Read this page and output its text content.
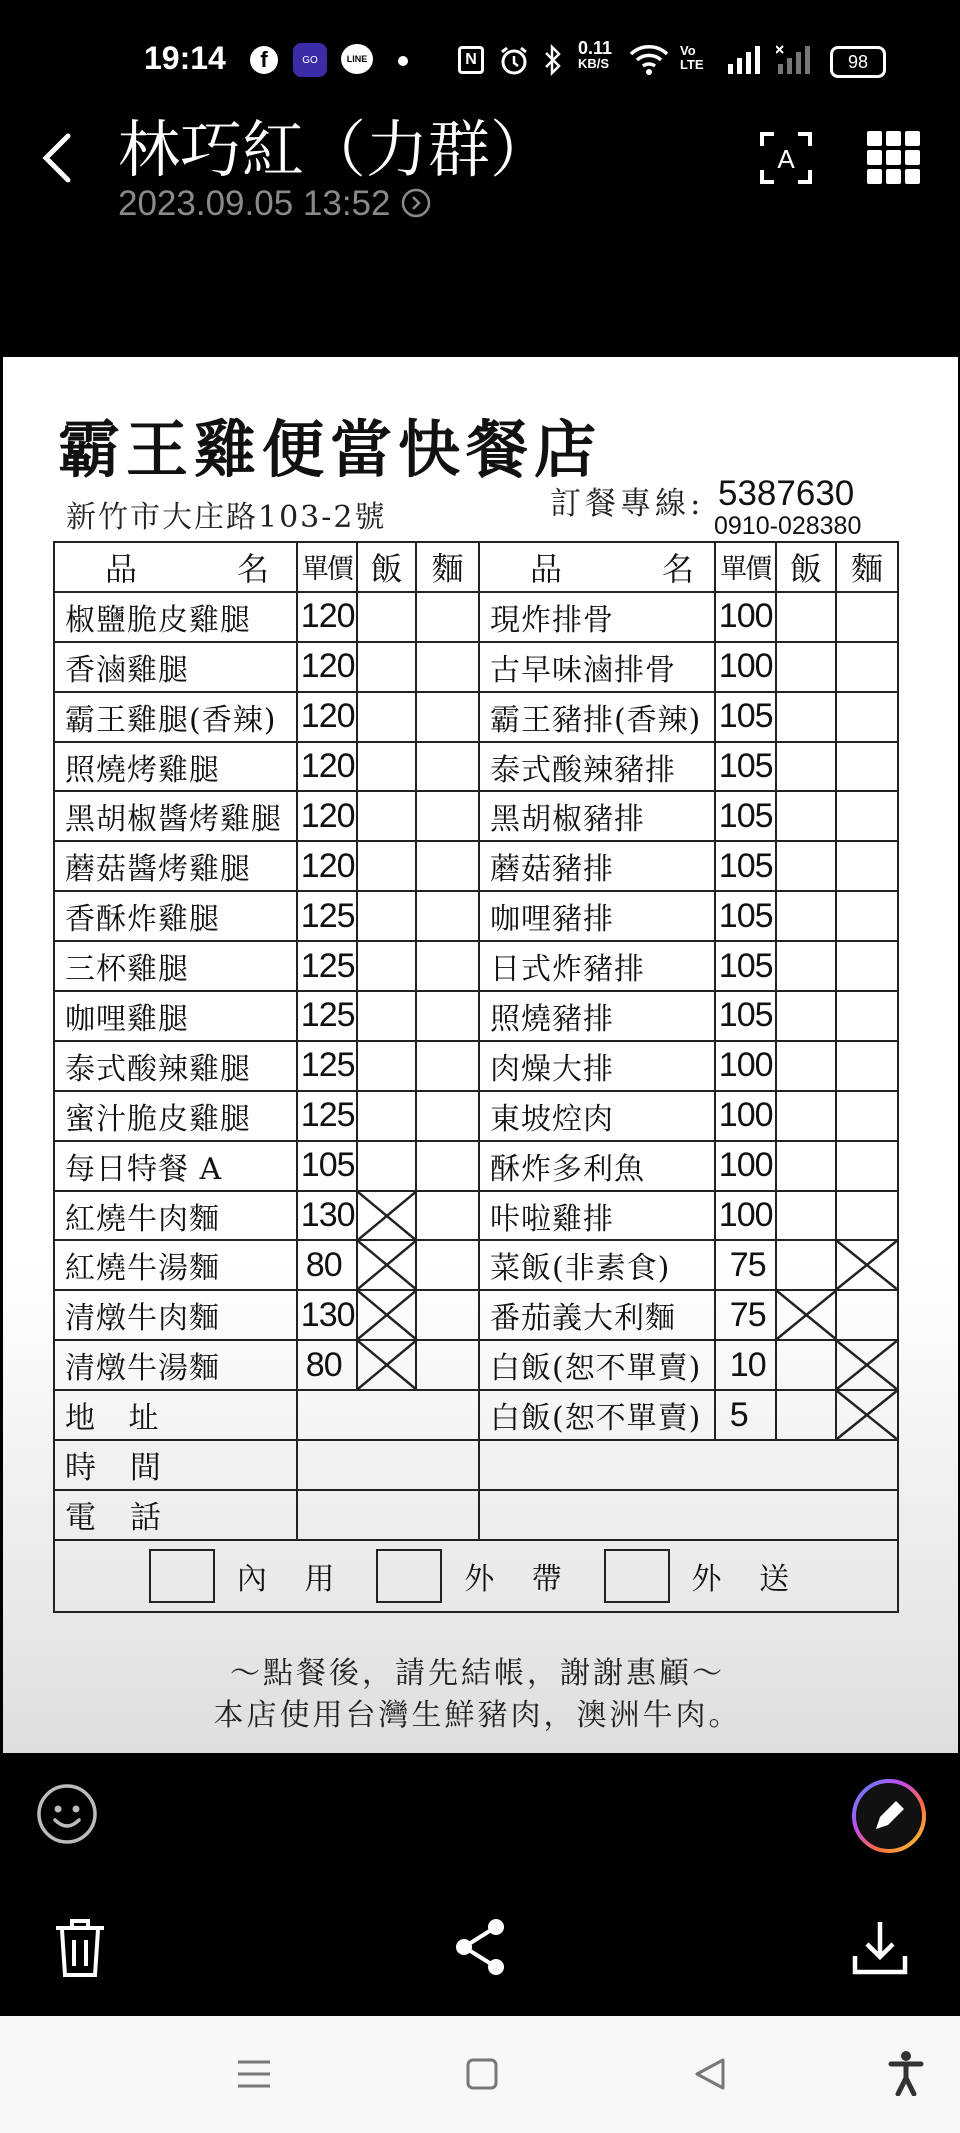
19:14	f	GO	LINE	N
0.11
KB/S
Vo
LTE	98
林巧紅（力群）
2023.09.05 13:52
A
霸王雞便當快餐店
新竹市大庄路103-2號	訂餐專線: 5387630
0910-028380
品 名	單價	飯	麵	品 名	單價	飯	麵
椒鹽脆皮雞腿	120			現炸排骨	100		
香滷雞腿	120			古早味滷排骨	100		
霸王雞腿(香辣)	120			霸王豬排(香辣)	105		
照燒烤雞腿	120			泰式酸辣豬排	105		
黑胡椒醬烤雞腿	120			黑胡椒豬排	105		
蘑菇醬烤雞腿	120			蘑菇豬排	105		
香酥炸雞腿	125			咖哩豬排	105		
三杯雞腿	125			日式炸豬排	105		
咖哩雞腿	125			照燒豬排	105		
泰式酸辣雞腿	125			肉燥大排	100		
蜜汁脆皮雞腿	125			東坡焢肉	100		
每日特餐 A	105			酥炸多利魚	100		
紅燒牛肉麵	130			咔啦雞排	100		
紅燒牛湯麵	80			菜飯(非素食)	75		

清燉牛肉麵	130			番茄義大利麵	75	

清燉牛湯麵	80			白飯(恕不單賣)	10		

地 址				白飯(恕不單賣)	5		

時 間							
電 話							

內 用 外 帶 外 送							
～點餐後，請先結帳，謝謝惠顧～
本店使用台灣生鮮豬肉，澳洲牛肉。
